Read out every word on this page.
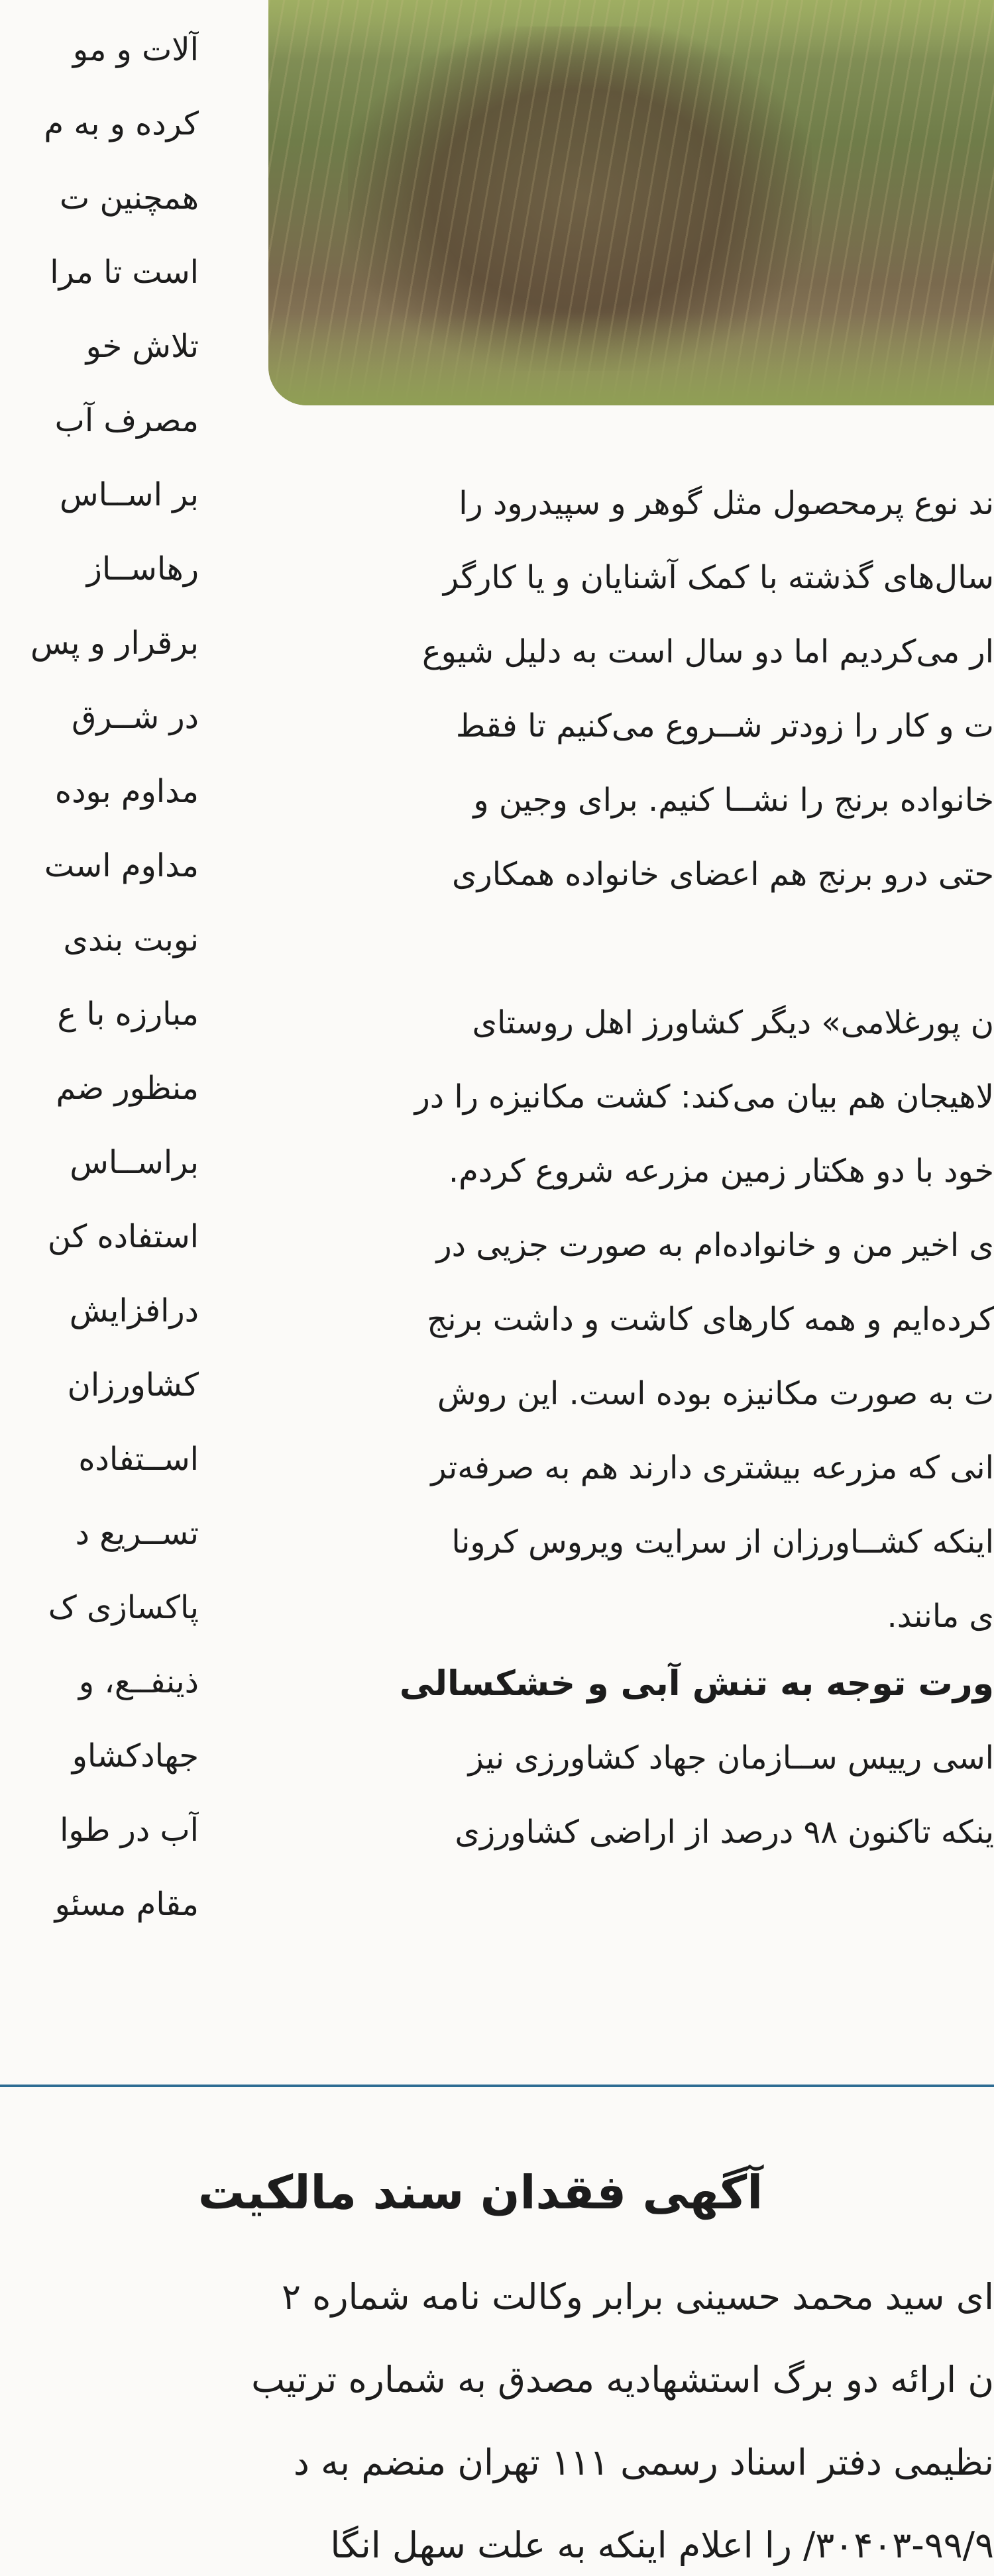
آلات و مو
کرده و به م
همچنین ت
است تا مرا
تلاش خو
مصرف آب
بر اســاس
رهاســاز
برقرار و پس
در شــرق
مداوم بوده
مداوم است
نوبت بندی
مبارزه با ع
منظور ضم
براســاس
استفاده کن
درافزایش
کشاورزان
اســتفاده
تســریع د
پاکسازی ک
ذینفــع، و
جهادکشاو
آب در طوا
مقام مسئو
ند نوع پرمحصول مثل گوهر و سپیدرود را
سال‌های گذشته با کمک آشنایان و یا کارگر
ار می‌کردیم اما دو سال است به دلیل شیوع
ت و کار را زودتر شــروع می‌کنیم تا فقط
خانواده برنج را نشــا کنیم. برای وجین و
حتی درو برنج هم اعضای خانواده همکاری
ن پورغلامی» دیگر کشاورز اهل روستای
لاهیجان هم بیان می‌کند: کشت مکانیزه را در
خود با دو هکتار زمین مزرعه شروع کردم.
ی اخیر من و خانواده‌ام به صورت جزیی در
کرده‌ایم و همه کارهای کاشت و داشت برنج
ت به صورت مکانیزه بوده است. این روش
انی که مزرعه بیشتری دارند هم به صرفه‌تر
اینکه کشــاورزان از سرایت ویروس کرونا
ی مانند.
ورت توجه به تنش آبی و خشکسالی
اسی رییس ســازمان جهاد کشاورزی نیز
ینکه تاکنون ۹۸ درصد از اراضی کشاورزی
آگهی فقدان سند مالکیت
ای سید محمد حسینی برابر وکالت نامه شماره ۲
ن ارائه دو برگ استشهادیه مصدق به شماره ترتیب
نظیمی دفتر اسناد رسمی ۱۱۱ تهران منضم به د
۳۰۴۰۳-۹۹/۹/ را اعلام اینکه به علت سهل انگا
